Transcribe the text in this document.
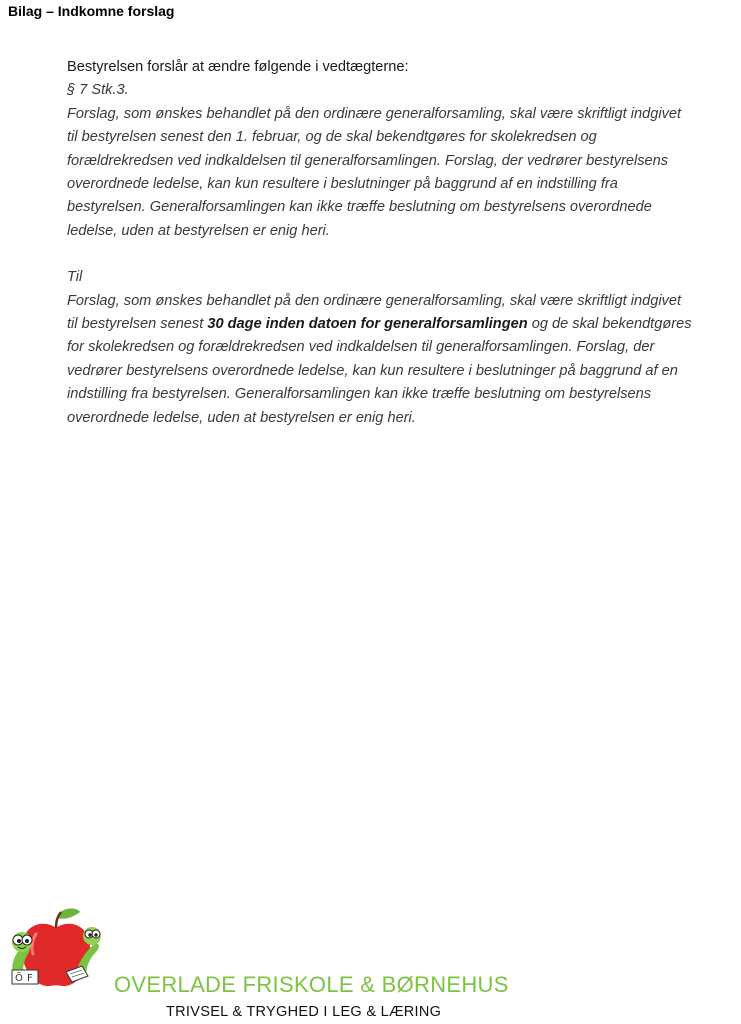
Bilag – Indkomne forslag

Bestyrelsen forslår at ændre følgende i vedtægterne:

§ 7 Stk.3.
Forslag, som ønskes behandlet på den ordinære generalforsamling, skal være skriftligt indgivet
til bestyrelsen senest den 1. februar, og de skal bekendtgøres for skolekredsen og
forældrekredsen ved indkaldelsen til generalforsamlingen. Forslag, der vedrører bestyrelsens
overordnede ledelse, kan kun resultere i beslutninger på baggrund af en indstilling fra
bestyrelsen. Generalforsamlingen kan ikke træffe beslutning om bestyrelsens overordnede
ledelse, uden at bestyrelsen er enig heri.
Til
Forslag, som ønskes behandlet på den ordinære generalforsamling, skal være skriftligt indgivet
til bestyrelsen senest 30 dage inden datoen for generalforsamlingen og de skal bekendtgøres
for skolekredsen og forældrekredsen ved indkaldelsen til generalforsamlingen. Forslag, der
vedrører bestyrelsens overordnede ledelse, kan kun resultere i beslutninger på baggrund af en
indstilling fra bestyrelsen. Generalforsamlingen kan ikke træffe beslutning om bestyrelsens
overordnede ledelse, uden at bestyrelsen er enig heri.
Ö F	OVERLADE FRISKOLE & BØRNEHUS
TRIVSEL & TRYGHED I LEG & LÆRING
